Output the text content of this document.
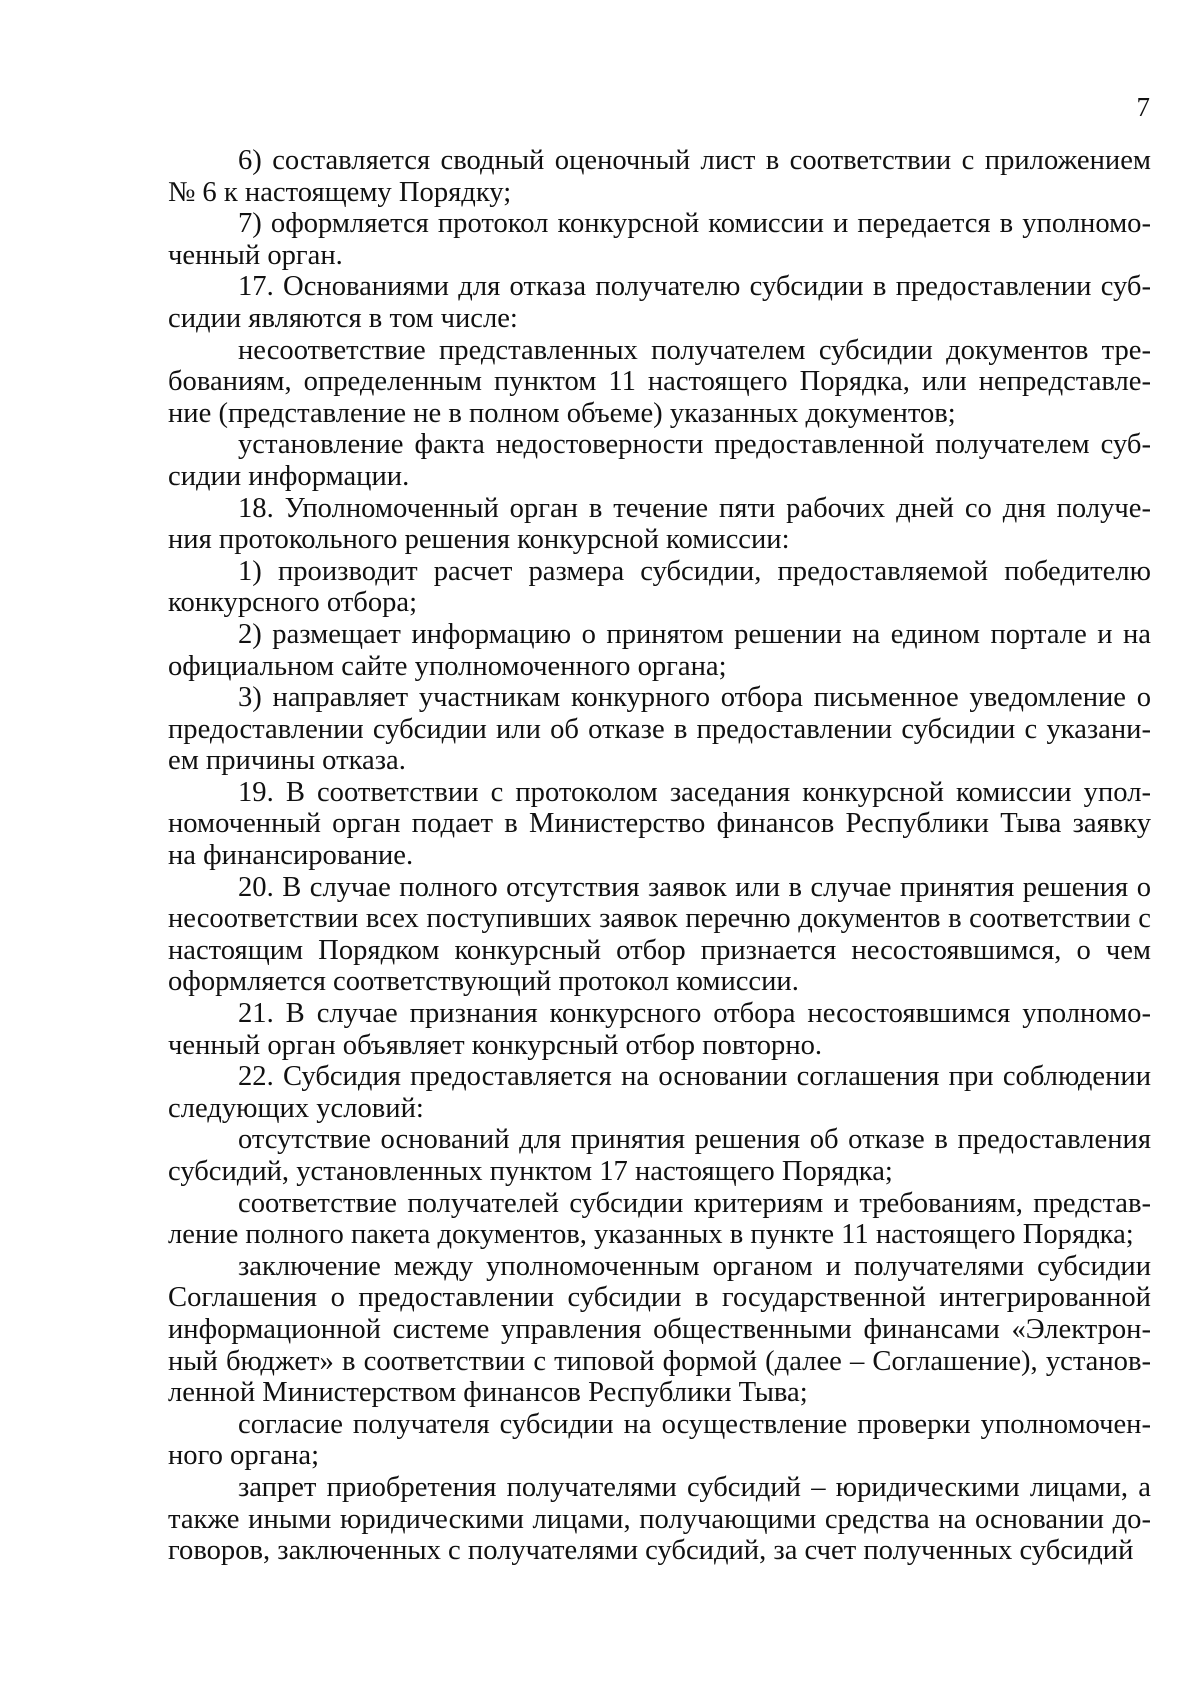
7
6) составляется сводный оценочный лист в соответствии с приложением
№ 6 к настоящему Порядку;
7) оформляется протокол конкурсной комиссии и передается в уполномо-
ченный орган.
17. Основаниями для отказа получателю субсидии в предоставлении суб-
сидии являются в том числе:
несоответствие представленных получателем субсидии документов тре-
бованиям, определенным пунктом 11 настоящего Порядка, или непредставле-
ние (представление не в полном объеме) указанных документов;
установление факта недостоверности предоставленной получателем суб-
сидии информации.
18. Уполномоченный орган в течение пяти рабочих дней со дня получе-
ния протокольного решения конкурсной комиссии:
1) производит расчет размера субсидии, предоставляемой победителю
конкурсного отбора;
2) размещает информацию о принятом решении на едином портале и на
официальном сайте уполномоченного органа;
3) направляет участникам конкурного отбора письменное уведомление о
предоставлении субсидии или об отказе в предоставлении субсидии с указани-
ем причины отказа.
19. В соответствии с протоколом заседания конкурсной комиссии упол-
номоченный орган подает в Министерство финансов Республики Тыва заявку
на финансирование.
20. В случае полного отсутствия заявок или в случае принятия решения о
несоответствии всех поступивших заявок перечню документов в соответствии с
настоящим Порядком конкурсный отбор признается несостоявшимся, о чем
оформляется соответствующий протокол комиссии.
21. В случае признания конкурсного отбора несостоявшимся уполномо-
ченный орган объявляет конкурсный отбор повторно.
22. Субсидия предоставляется на основании соглашения при соблюдении
следующих условий:
отсутствие оснований для принятия решения об отказе в предоставления
субсидий, установленных пунктом 17 настоящего Порядка;
соответствие получателей субсидии критериям и требованиям, представ-
ление полного пакета документов, указанных в пункте 11 настоящего Порядка;
заключение между уполномоченным органом и получателями субсидии
Соглашения о предоставлении субсидии в государственной интегрированной
информационной системе управления общественными финансами «Электрон-
ный бюджет» в соответствии с типовой формой (далее – Соглашение), установ-
ленной Министерством финансов Республики Тыва;
согласие получателя субсидии на осуществление проверки уполномочен-
ного органа;
запрет приобретения получателями субсидий – юридическими лицами, а
также иными юридическими лицами, получающими средства на основании до-
говоров, заключенных с получателями субсидий, за счет полученных субсидий
